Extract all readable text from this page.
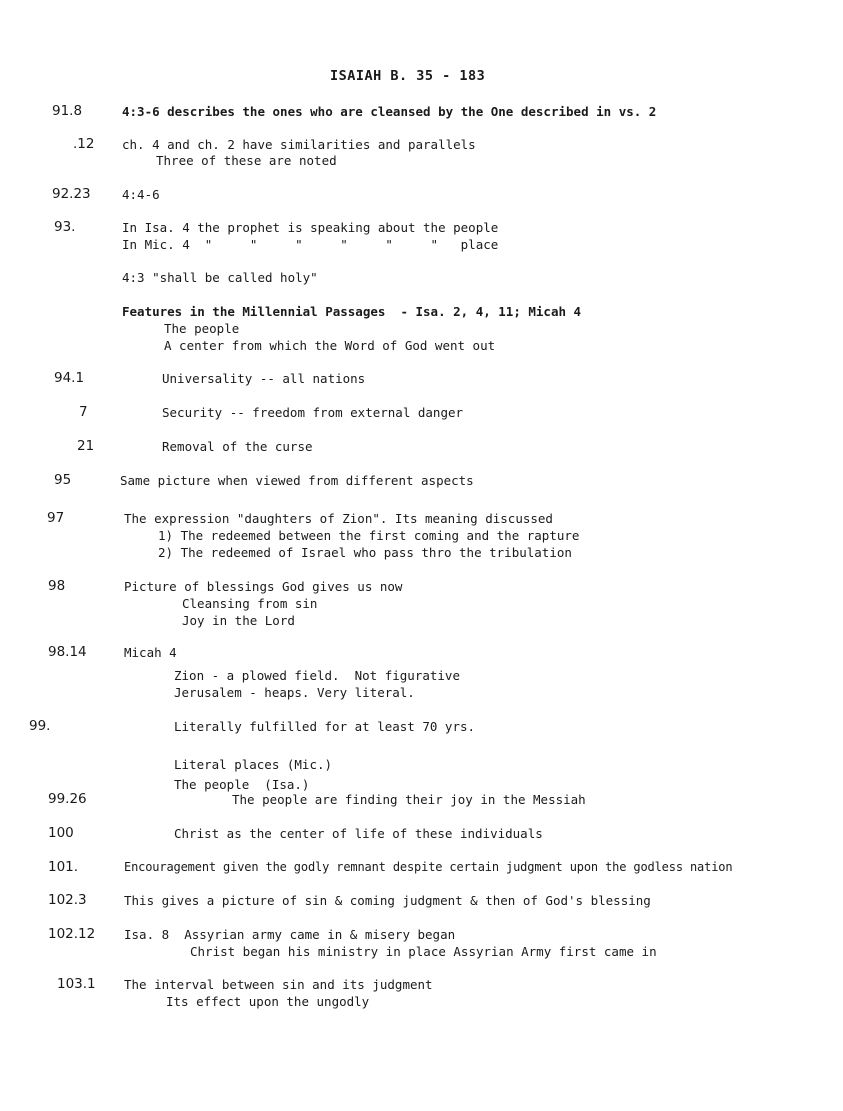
ISAIAH B. 35 - 183
91.8	4:3-6 describes the ones who are cleansed by the One described in vs. 2
.12 ch. 4 and ch. 2 have similarities and parallels
Three of these are noted
92.23	4:4-6
93.	In Isa. 4 the prophet is speaking about the people
In Mic. 4  "     "     "     "     "     "   place
4:3 "shall be called holy"
Features in the Millennial Passages  - Isa. 2, 4, 11; Micah 4
The people
A center from which the Word of God went out
94.1	Universality -- all nations
7	Security -- freedom from external danger
21	Removal of the curse
95	Same picture when viewed from different aspects
97	The expression "daughters of Zion". Its meaning discussed
1) The redeemed between the first coming and the rapture
2) The redeemed of Israel who pass thro the tribulation
98	Picture of blessings God gives us now
Cleansing from sin
Joy in the Lord
98.14	Micah 4
Zion - a plowed field.  Not figurative
Jerusalem - heaps. Very literal.
99.	Literally fulfilled for at least 70 yrs.
Literal places (Mic.)
The people  (Isa.)
99.26	The people are finding their joy in the Messiah
100	Christ as the center of life of these individuals
101.	Encouragement given the godly remnant despite certain judgment upon the godless nation
102.3	This gives a picture of sin & coming judgment & then of God's blessing
102.12 Isa. 8  Assyrian army came in & misery began
Christ began his ministry in place Assyrian Army first came in
103.1 The interval between sin and its judgment
Its effect upon the ungodly
